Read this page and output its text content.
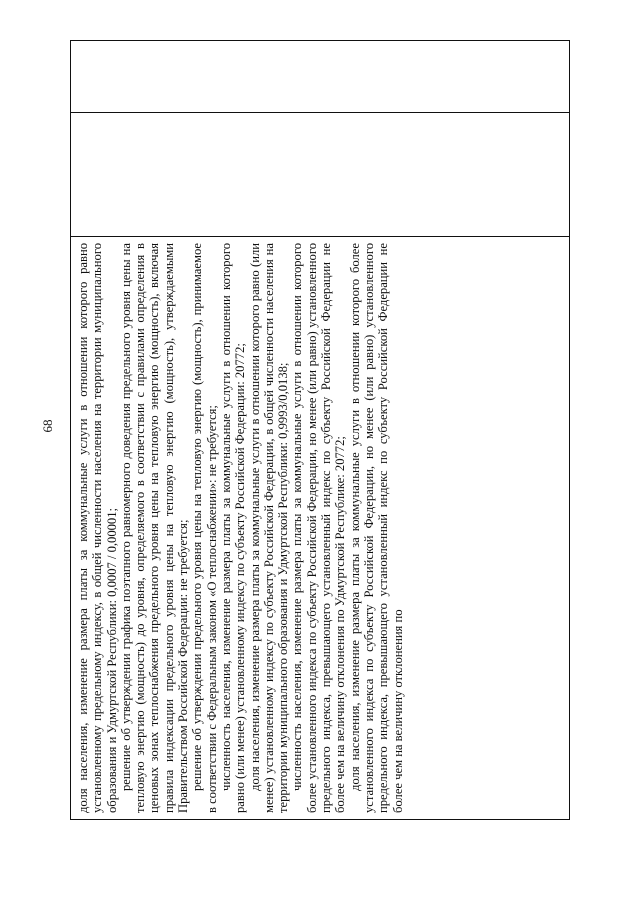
68 доля населения, изменение размера платы за коммунальные услуги в отношении которого равно установленному предельному индексу, в общей численности населения на территории муниципального образования и Удмуртской Республики: 0,0007 / 0,00001; решение об утверждении графика поэтапного равномерного доведения предельного уровня цены на тепловую энергию (мощность) до уровня, определяемого в соответствии с правилами определения в ценовых зонах теплоснабжения предельного уровня цены на тепловую энергию (мощность), включая правила индексации предельного уровня цены на тепловую энергию (мощность), утверждаемыми Правительством Российской Федерации: не требуется; решение об утверждении предельного уровня цены на тепловую энергию (мощность), принимаемое в соответствии с Федеральным законом «О теплоснабжении»: не требуется; численность населения, изменение размера платы за коммунальные услуги в отношении которого равно (или менее) установленному индексу по субъекту Российской Федерации: 20772; доля населения, изменение размера платы за коммунальные услуги в отношении которого равно (или менее) установленному индексу по субъекту Российской Федерации, в общей численности населения на территории муниципального образования и Удмуртской Республики: 0,9993/0,0138; численность населения, изменение размера платы за коммунальные услуги в отношении которого более установленного индекса по субъекту Российской Федерации, но менее (или равно) установленного предельного индекса, превышающего установленный индекс по субъекту Российской Федерации не более чем на величину отклонения по Удмуртской Республике: 20772; доля населения, изменение размера платы за коммунальные услуги в отношении которого более установленного индекса по субъекту Российской Федерации, но менее (или равно) установленного предельного индекса, превышающего установленный индекс по субъекту Российской Федерации не более чем на величину отклонения по
